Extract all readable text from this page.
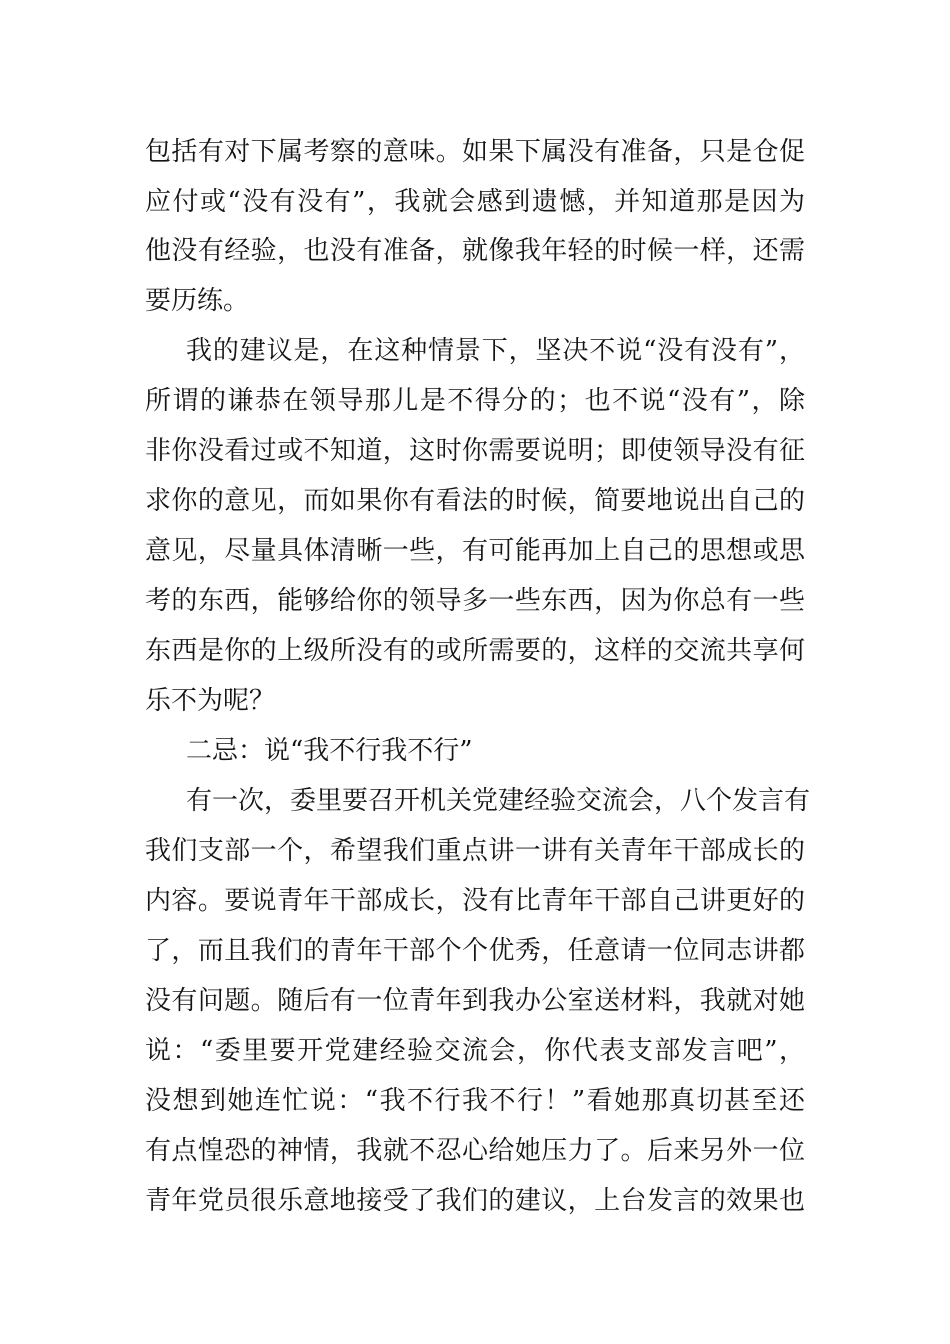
包括有对下属考察的意味。如果下属没有准备，只是仓促

应付或“没有没有”，我就会感到遗憾，并知道那是因为

他没有经验，也没有准备，就像我年轻的时候一样，还需

要历练。

我的建议是，在这种情景下，坚决不说“没有没有”，

所谓的谦恭在领导那儿是不得分的；也不说“没有”，除

非你没看过或不知道，这时你需要说明；即使领导没有征

求你的意见，而如果你有看法的时候，简要地说出自己的

意见，尽量具体清晰一些，有可能再加上自己的思想或思

考的东西，能够给你的领导多一些东西，因为你总有一些

东西是你的上级所没有的或所需要的，这样的交流共享何

乐不为呢？

二忌：说“我不行我不行”

有一次，委里要召开机关党建经验交流会，八个发言有

我们支部一个，希望我们重点讲一讲有关青年干部成长的

内容。要说青年干部成长，没有比青年干部自己讲更好的

了，而且我们的青年干部个个优秀，任意请一位同志讲都

没有问题。随后有一位青年到我办公室送材料，我就对她

说：“委里要开党建经验交流会，你代表支部发言吧”，

没想到她连忙说：“我不行我不行！”看她那真切甚至还

有点惶恐的神情，我就不忍心给她压力了。后来另外一位

青年党员很乐意地接受了我们的建议，上台发言的效果也
